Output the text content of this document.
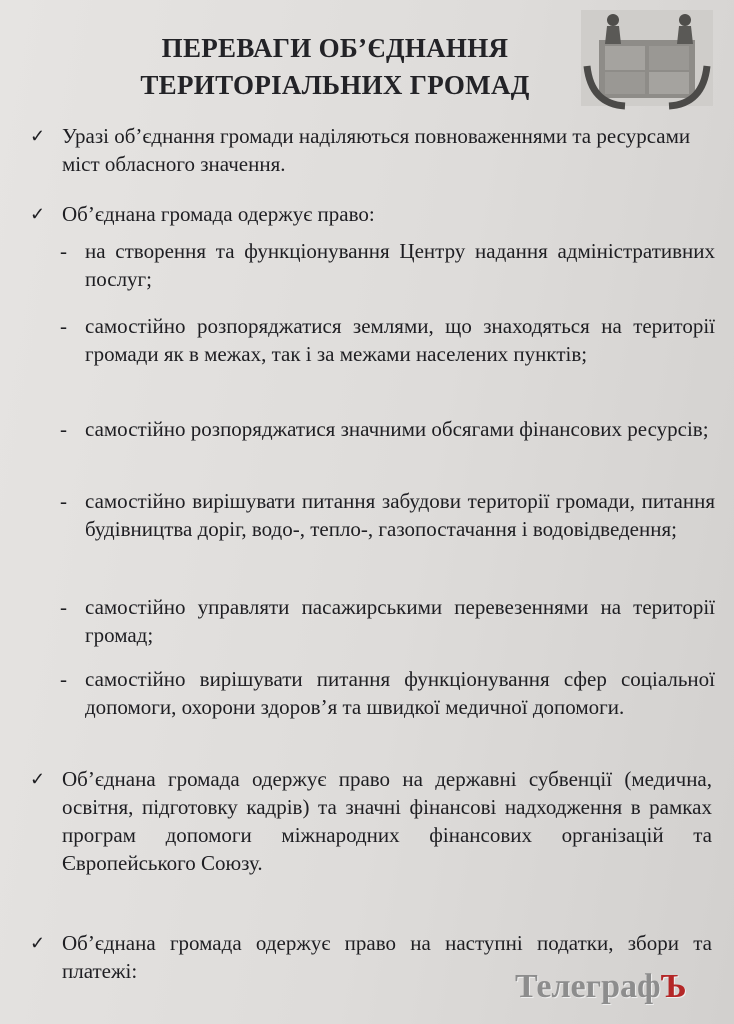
ПЕРЕВАГИ ОБ’ЄДНАННЯ
ТЕРИТОРІАЛЬНИХ ГРОМАД
✓ Уразі об’єднання громади наділяються повноваженнями та ресурсами міст обласного значення.
✓ Об’єднана громада одержує право:
- на створення та функціонування Центру надання адміністративних послуг;
- самостійно розпоряджатися землями, що знаходяться на території громади як в межах, так і за межами населених пунктів;
- самостійно розпоряджатися значними обсягами фінансових ресурсів;
- самостійно вирішувати питання забудови території громади, питання будівництва доріг, водо-, тепло-, газопостачання і водовідведення;
- самостійно управляти пасажирськими перевезеннями на території громад;
- самостійно вирішувати питання функціонування сфер соціальної допомоги, охорони здоров’я та швидкої медичної допомоги.
✓ Об’єднана громада одержує право на державні субвенції (медична, освітня, підготовку кадрів) та значні фінансові надходження в рамках програм допомоги міжнародних фінансових організацій та Європейського Союзу.
✓ Об’єднана громада одержує право на наступні податки, збори та платежі:	ТелеграфЪ
